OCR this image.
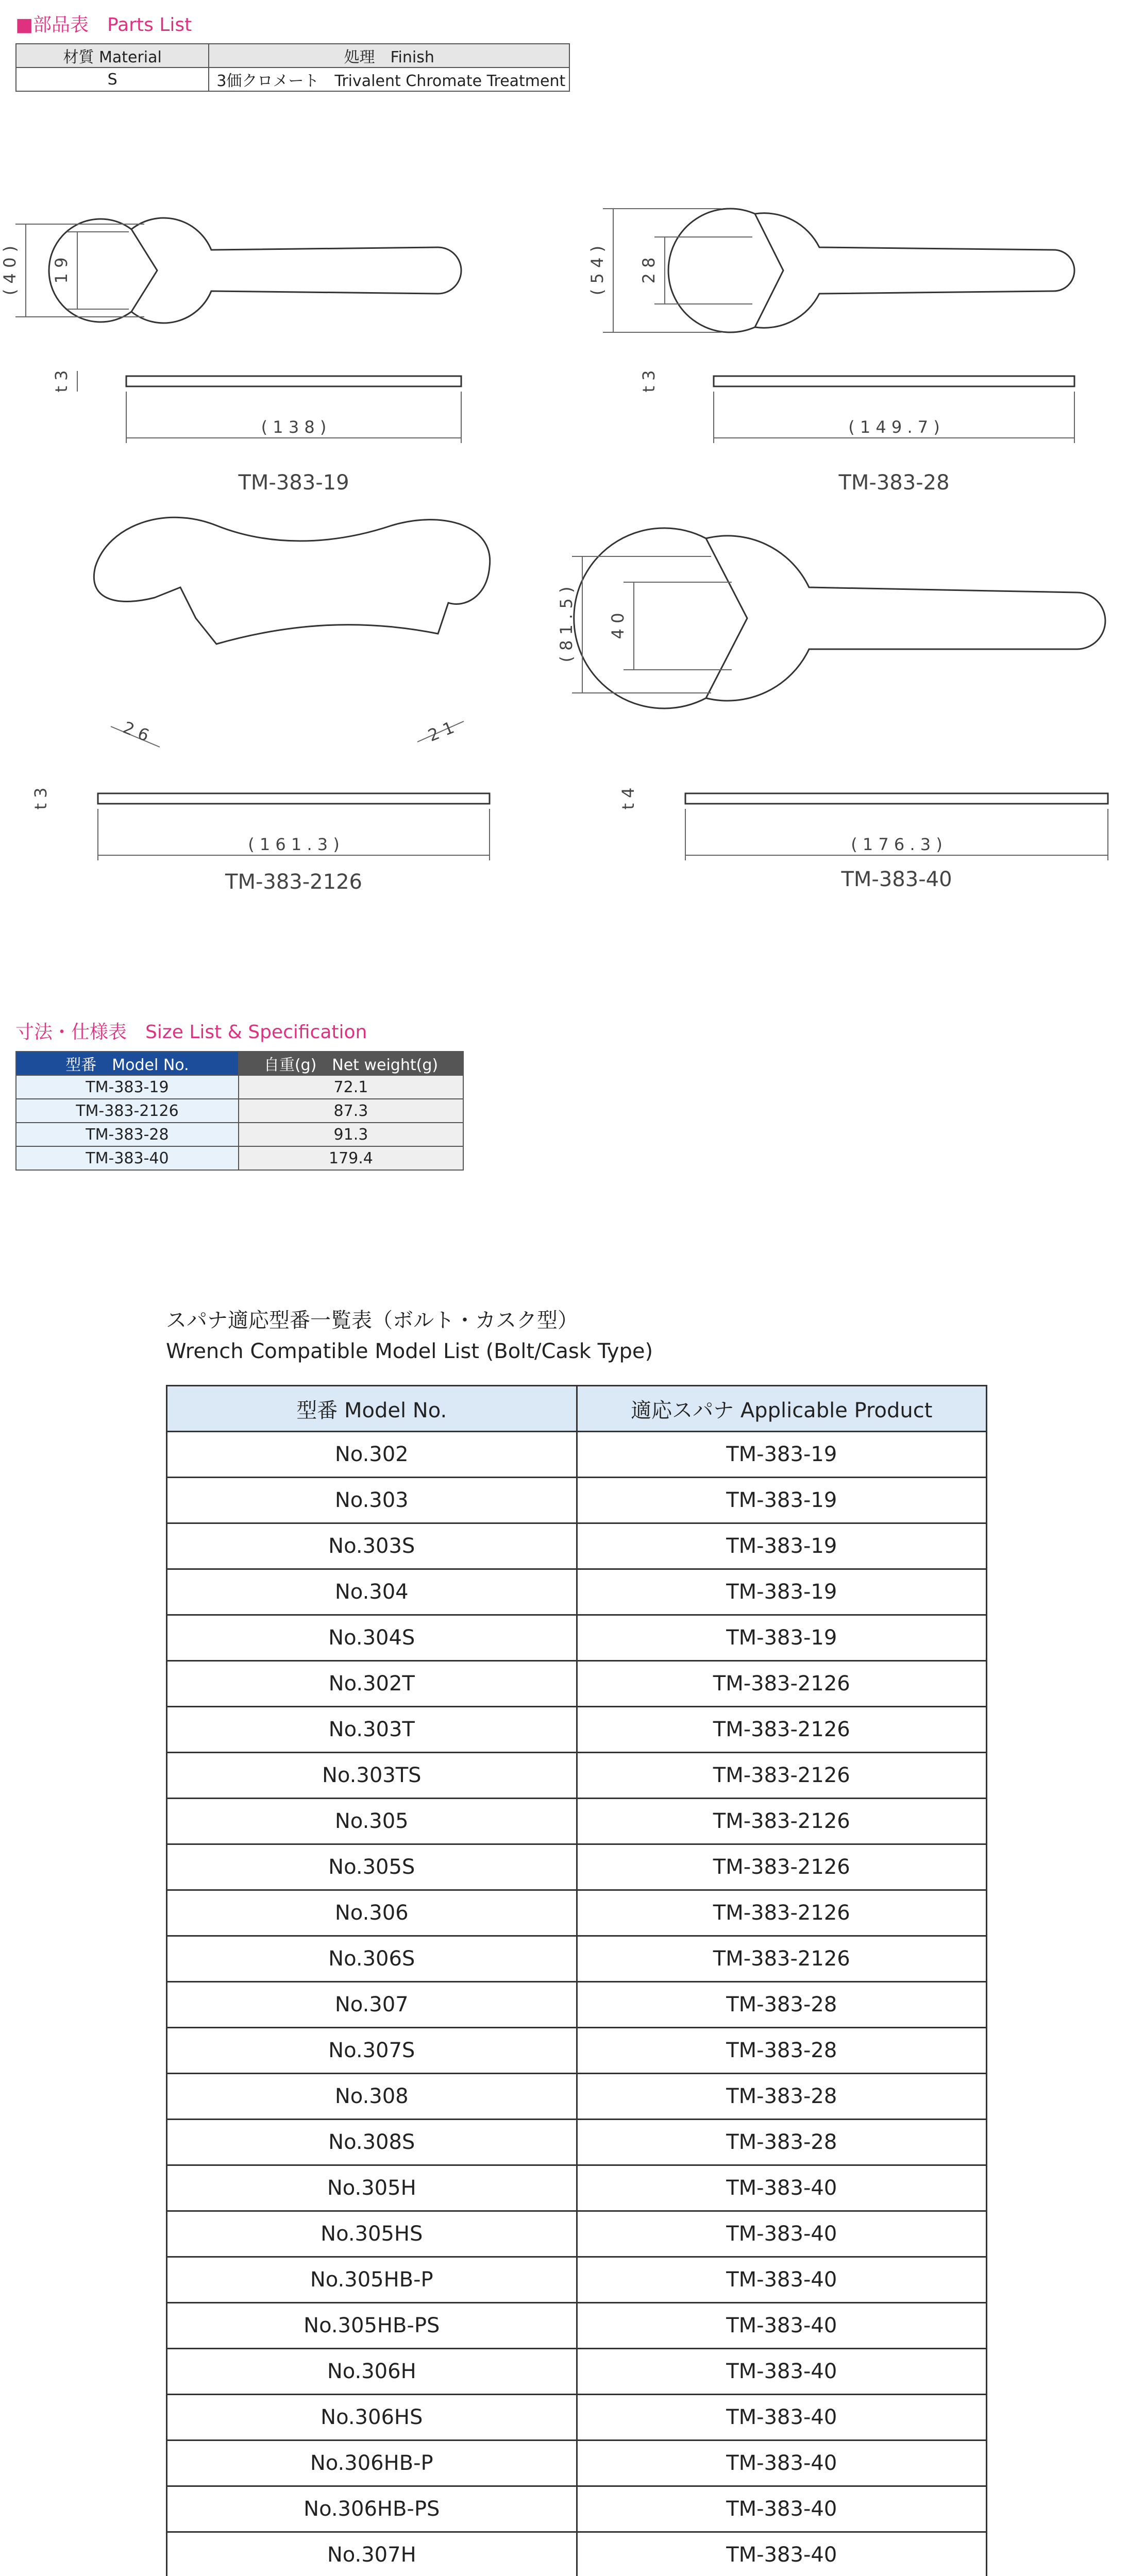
■部品表　Parts List
材質 Material	処理　Finish
S	3価クロメート　Trivalent Chromate Treatment
( 4 0 ) 1 9
t 3
( 1 3 8 )
TM-383-19
( 5 4 ) 2 8
t 3
( 1 4 9 . 7 )
TM-383-28
2 6	2 1
t 3
( 1 6 1 . 3 )
TM-383-2126
( 8 1 . 5 ) 4 0
t 4
( 1 7 6 . 3 )
TM-383-40
寸法・仕様表　Size List & Specification
型番　Model No.	自重(g)　Net weight(g)
TM-383-19	72.1
TM-383-2126	87.3
TM-383-28	91.3
TM-383-40	179.4
スパナ適応型番一覧表（ボルト・カスク型）
Wrench Compatible Model List (Bolt/Cask Type)
型番 Model No.	適応スパナ Applicable Product
No.302	TM-383-19
No.303	TM-383-19
No.303S	TM-383-19
No.304	TM-383-19
No.304S	TM-383-19
No.302T	TM-383-2126
No.303T	TM-383-2126
No.303TS	TM-383-2126
No.305	TM-383-2126
No.305S	TM-383-2126
No.306	TM-383-2126
No.306S	TM-383-2126
No.307	TM-383-28
No.307S	TM-383-28
No.308	TM-383-28
No.308S	TM-383-28
No.305H	TM-383-40
No.305HS	TM-383-40
No.305HB-P	TM-383-40
No.305HB-PS	TM-383-40
No.306H	TM-383-40
No.306HS	TM-383-40
No.306HB-P	TM-383-40
No.306HB-PS	TM-383-40
No.307H	TM-383-40
